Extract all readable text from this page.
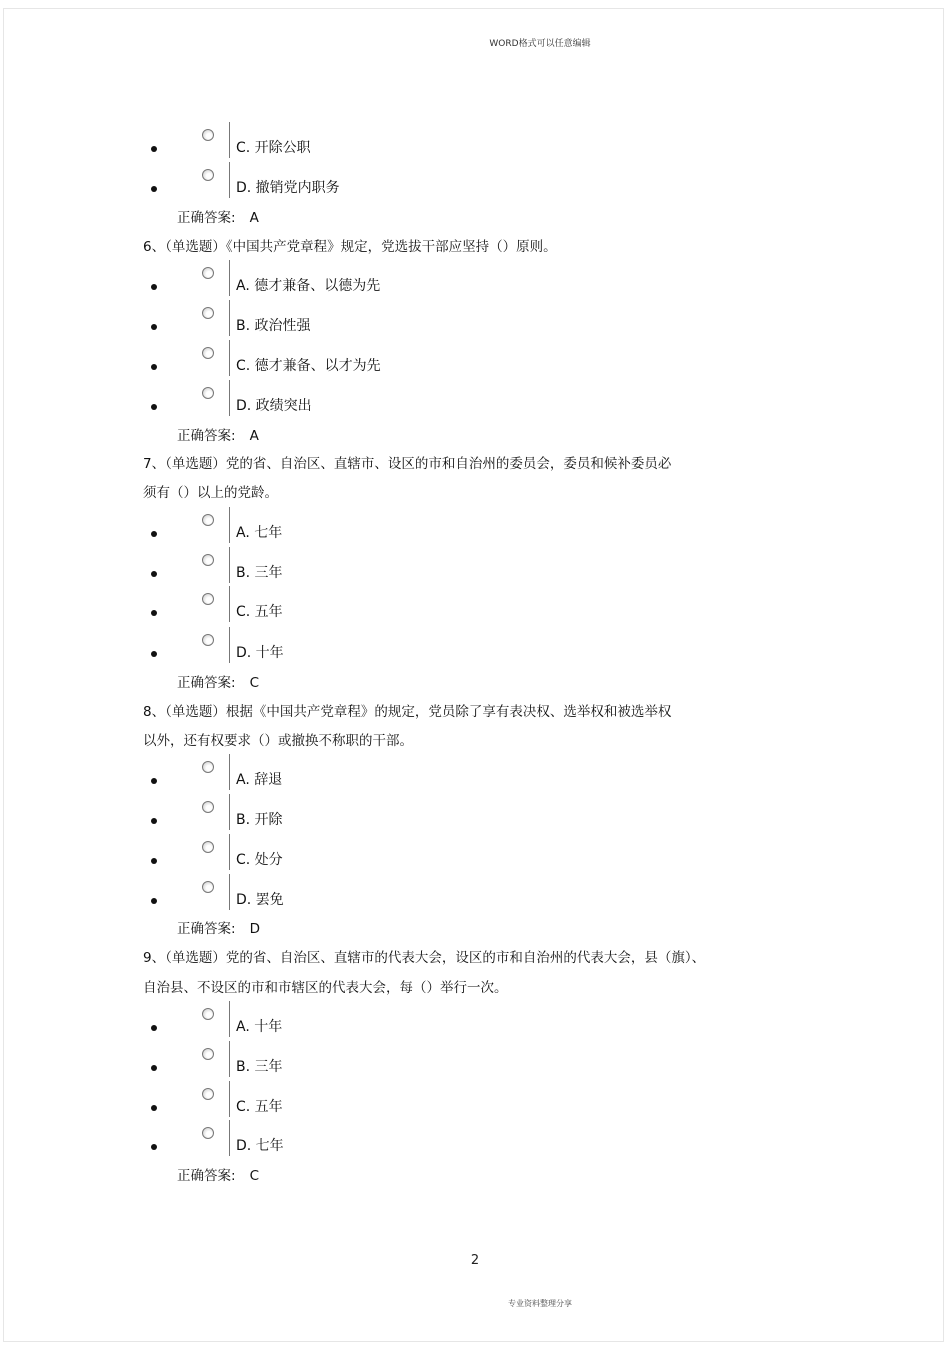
WORD格式可以任意编辑
C. 开除公职
D. 撤销党内职务
正确答案: A
6、（单选题）《中国共产党章程》规定，党选拔干部应坚持（）原则。
A. 德才兼备、以德为先
B. 政治性强
C. 德才兼备、以才为先
D. 政绩突出
正确答案: A
7、（单选题）党的省、自治区、直辖市、设区的市和自治州的委员会，委员和候补委员必
须有（）以上的党龄。
A. 七年
B. 三年
C. 五年
D. 十年
正确答案: C
8、（单选题）根据《中国共产党章程》的规定，党员除了享有表决权、选举权和被选举权
以外，还有权要求（）或撤换不称职的干部。
A. 辞退
B. 开除
C. 处分
D. 罢免
正确答案: D
9、（单选题）党的省、自治区、直辖市的代表大会，设区的市和自治州的代表大会，县（旗）、
自治县、不设区的市和市辖区的代表大会，每（）举行一次。
A. 十年
B. 三年
C. 五年
D. 七年
正确答案: C
2
专业资料整理分享
